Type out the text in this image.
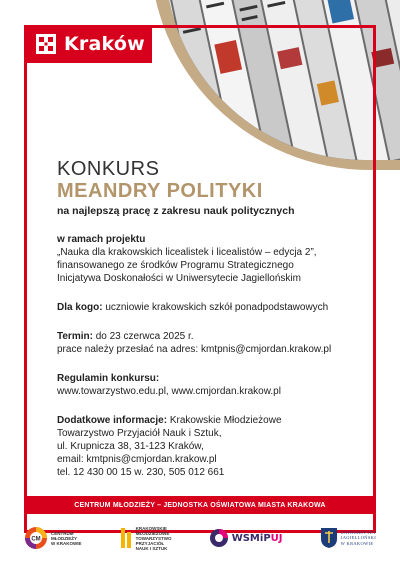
Kraków
KONKURS
MEANDRY POLITYKI
na najlepszą pracę z zakresu nauk politycznych
w ramach projektu
„Nauka dla krakowskich licealistek i licealistów – edycja 2”,
finansowanego ze środków Programu Strategicznego
Inicjatywa Doskonałości w Uniwersytecie Jagiellońskim
Dla kogo: uczniowie krakowskich szkół ponadpodstawowych
Termin: do 23 czerwca 2025 r.
prace należy przesłać na adres: kmtpnis@cmjordan.krakow.pl
Regulamin konkursu:
www.towarzystwo.edu.pl, www.cmjordan.krakow.pl
Dodatkowe informacje: Krakowskie Młodzieżowe
Towarzystwo Przyjaciół Nauk i Sztuk,
ul. Krupnicza 38, 31-123 Kraków,
email: kmtpnis@cmjordan.krakow.pl
tel. 12 430 00 15 w. 230, 505 012 661
CENTRUM MŁODZIEŻY – JEDNOSTKA OŚWIATOWA MIASTA KRAKOWA
CM
CENTRUM
MŁODZIEŻY
W KRAKOWIE
KRAKOWSKIE
MŁODZIEŻOWE
TOWARZYSTWO
PRZYJACIÓŁ
NAUK I SZTUK
WSMiPUJ
UNIWERSYTET
JAGIELLOŃSKI
W KRAKOWIE
